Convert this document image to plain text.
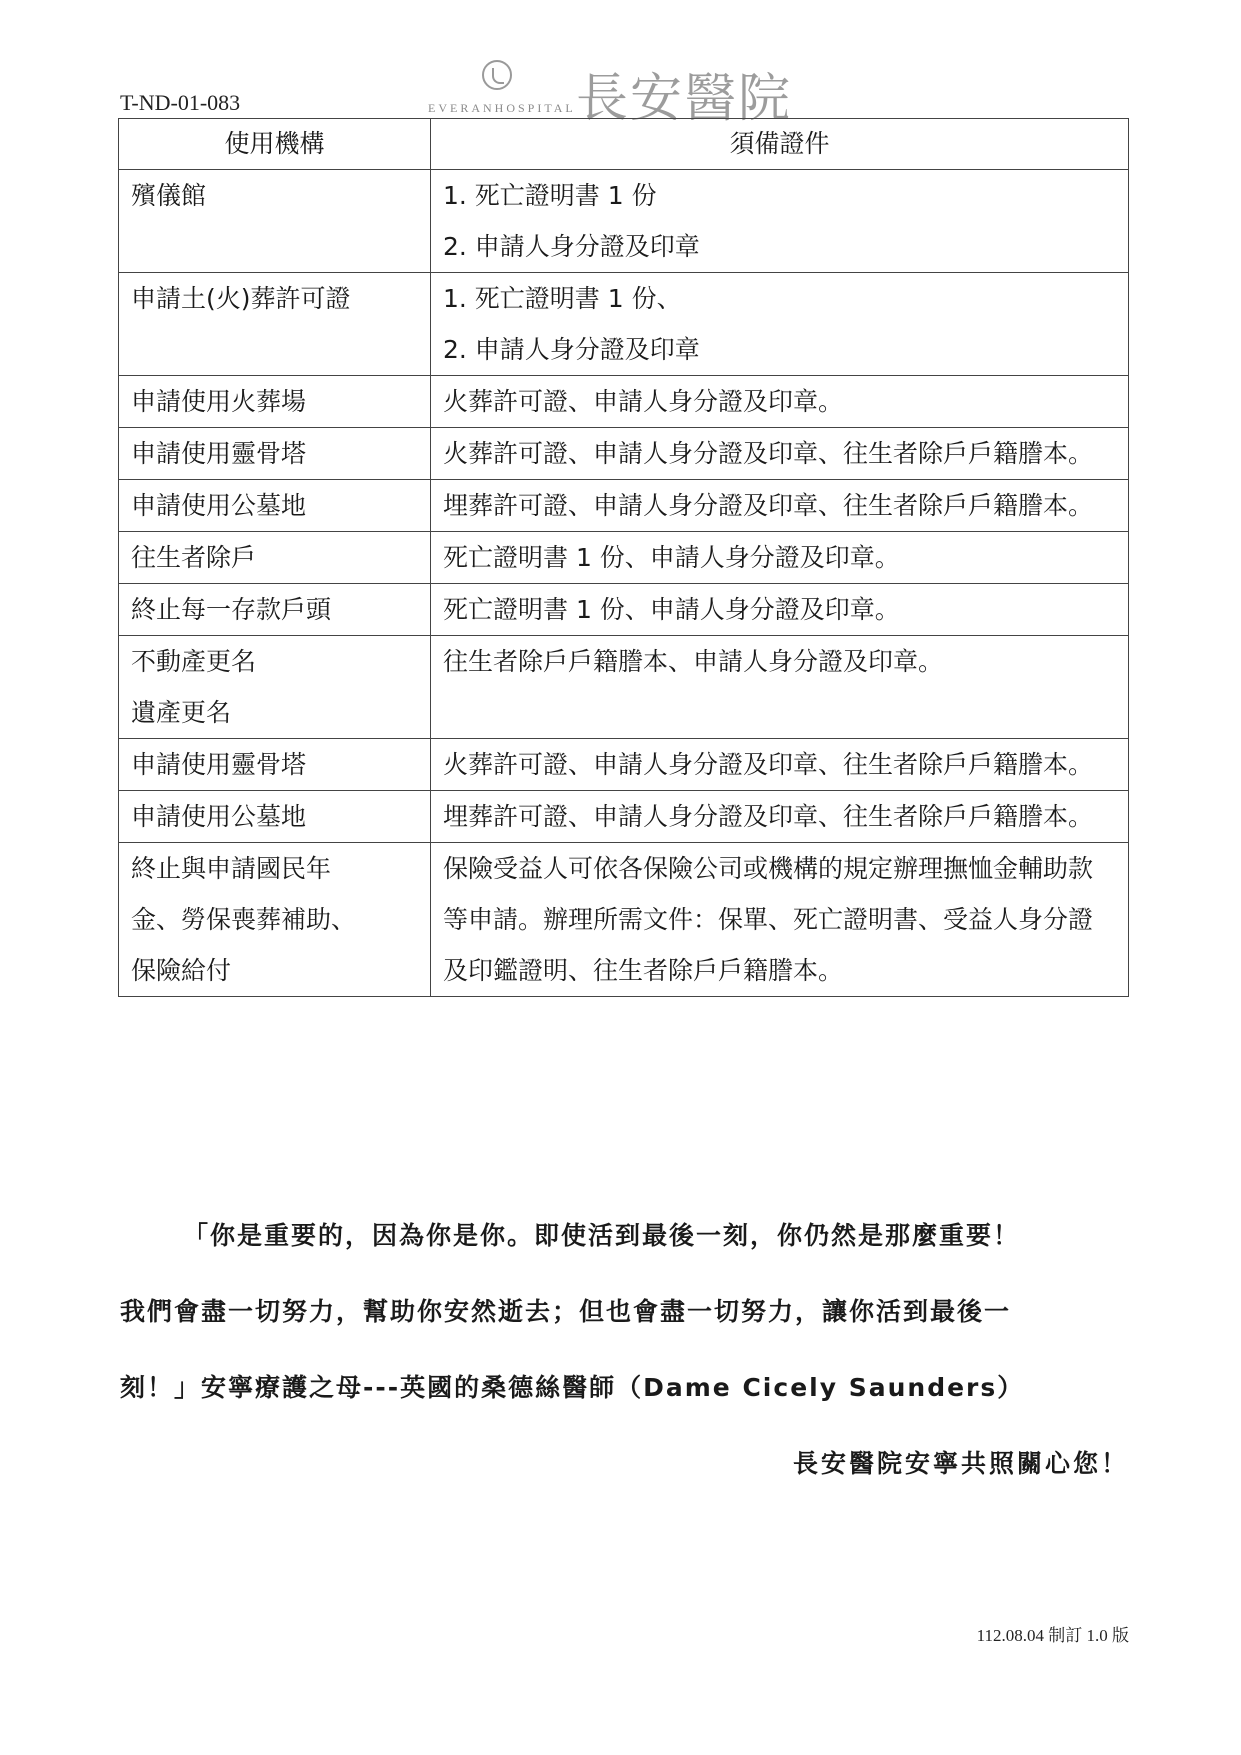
T-ND-01-083	EVERANHOSPITAL 長安醫院
使用機構	須備證件

殯儀館	1. 死亡證明書 1 份
2. 申請人身分證及印章

申請土(火)葬許可證	1. 死亡證明書 1 份、
2. 申請人身分證及印章

申請使用火葬場	火葬許可證、申請人身分證及印章。

申請使用靈骨塔	火葬許可證、申請人身分證及印章、往生者除戶戶籍謄本。

申請使用公墓地	埋葬許可證、申請人身分證及印章、往生者除戶戶籍謄本。

往生者除戶	死亡證明書 1 份、申請人身分證及印章。

終止每一存款戶頭	死亡證明書 1 份、申請人身分證及印章。

不動產更名
遺產更名	往生者除戶戶籍謄本、申請人身分證及印章。

申請使用靈骨塔	火葬許可證、申請人身分證及印章、往生者除戶戶籍謄本。

申請使用公墓地	埋葬許可證、申請人身分證及印章、往生者除戶戶籍謄本。

終止與申請國民年
金、勞保喪葬補助、
保險給付	保險受益人可依各保險公司或機構的規定辦理撫恤金輔助款等申請。辦理所需文件：保單、死亡證明書、受益人身分證及印鑑證明、往生者除戶戶籍謄本。
「你是重要的，因為你是你。即使活到最後一刻，你仍然是那麼重要！
我們會盡一切努力，幫助你安然逝去；但也會盡一切努力，讓你活到最後一
刻！」安寧療護之母---英國的桑德絲醫師（Dame Cicely Saunders）
長安醫院安寧共照關心您！
112.08.04 制訂 1.0 版
